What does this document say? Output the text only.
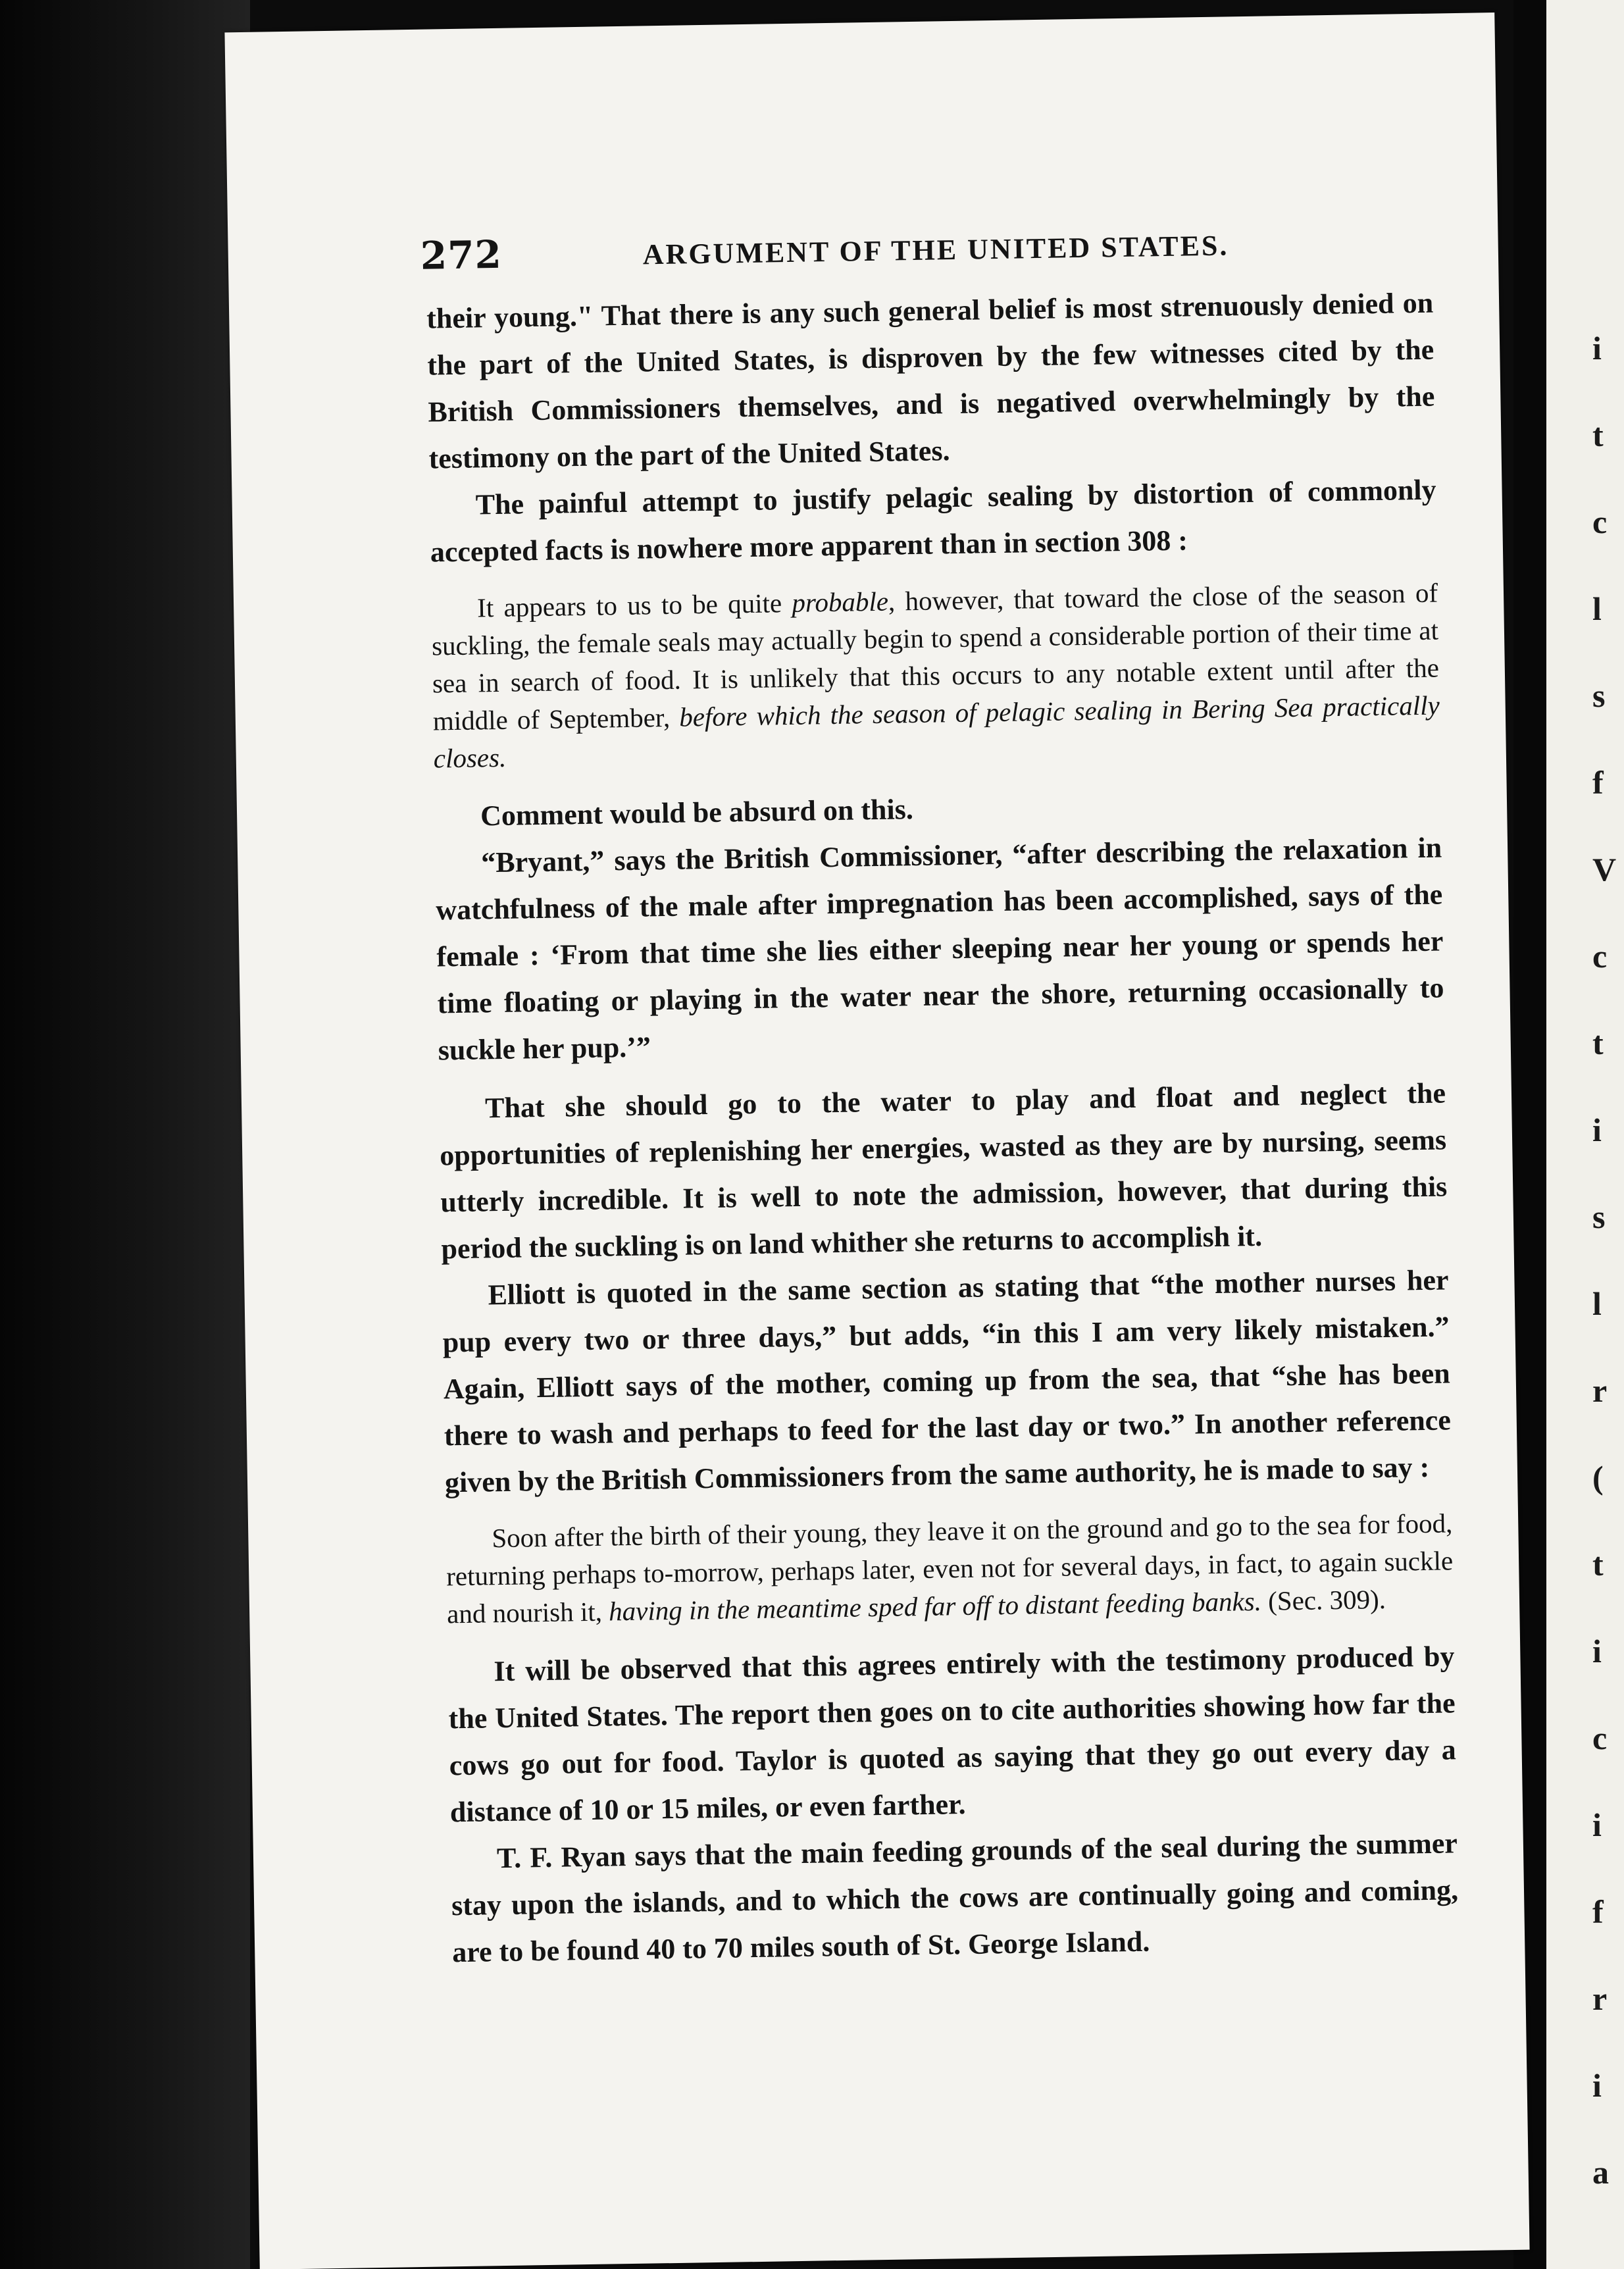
i
t
c
l
s
f
V
c
t
i
s
l
r
(
t
i
c
i
f
r
i
a
272	ARGUMENT OF THE UNITED STATES.

their young." That there is any such general belief is most strenuously denied on the part of the United States, is disproven by the few witnesses cited by the British Commissioners themselves, and is negatived overwhelmingly by the testimony on the part of the United States.

The painful attempt to justify pelagic sealing by distortion of commonly accepted facts is nowhere more apparent than in section 308 :

It appears to us to be quite probable, however, that toward the close of the season of suckling, the female seals may actually begin to spend a considerable portion of their time at sea in search of food. It is unlikely that this occurs to any notable extent until after the middle of September, before which the season of pelagic sealing in Bering Sea practically closes.

Comment would be absurd on this.

“Bryant,” says the British Commissioner, “after describing the relaxation in watchfulness of the male after impregnation has been accomplished, says of the female : ‘From that time she lies either sleeping near her young or spends her time floating or playing in the water near the shore, returning occasionally to suckle her pup.’”

That she should go to the water to play and float and neglect the opportunities of replenishing her energies, wasted as they are by nursing, seems utterly incredible. It is well to note the admission, however, that during this period the suckling is on land whither she returns to accomplish it.

Elliott is quoted in the same section as stating that “the mother nurses her pup every two or three days,” but adds, “in this I am very likely mistaken.” Again, Elliott says of the mother, coming up from the sea, that “she has been there to wash and perhaps to feed for the last day or two.” In another reference given by the British Commissioners from the same authority, he is made to say :

Soon after the birth of their young, they leave it on the ground and go to the sea for food, returning perhaps to-morrow, perhaps later, even not for several days, in fact, to again suckle and nourish it, having in the meantime sped far off to distant feeding banks. (Sec. 309).

It will be observed that this agrees entirely with the testimony produced by the United States. The report then goes on to cite authorities showing how far the cows go out for food. Taylor is quoted as saying that they go out every day a distance of 10 or 15 miles, or even farther.

T. F. Ryan says that the main feeding grounds of the seal during the summer stay upon the islands, and to which the cows are continually going and coming, are to be found 40 to 70 miles south of St. George Island.
